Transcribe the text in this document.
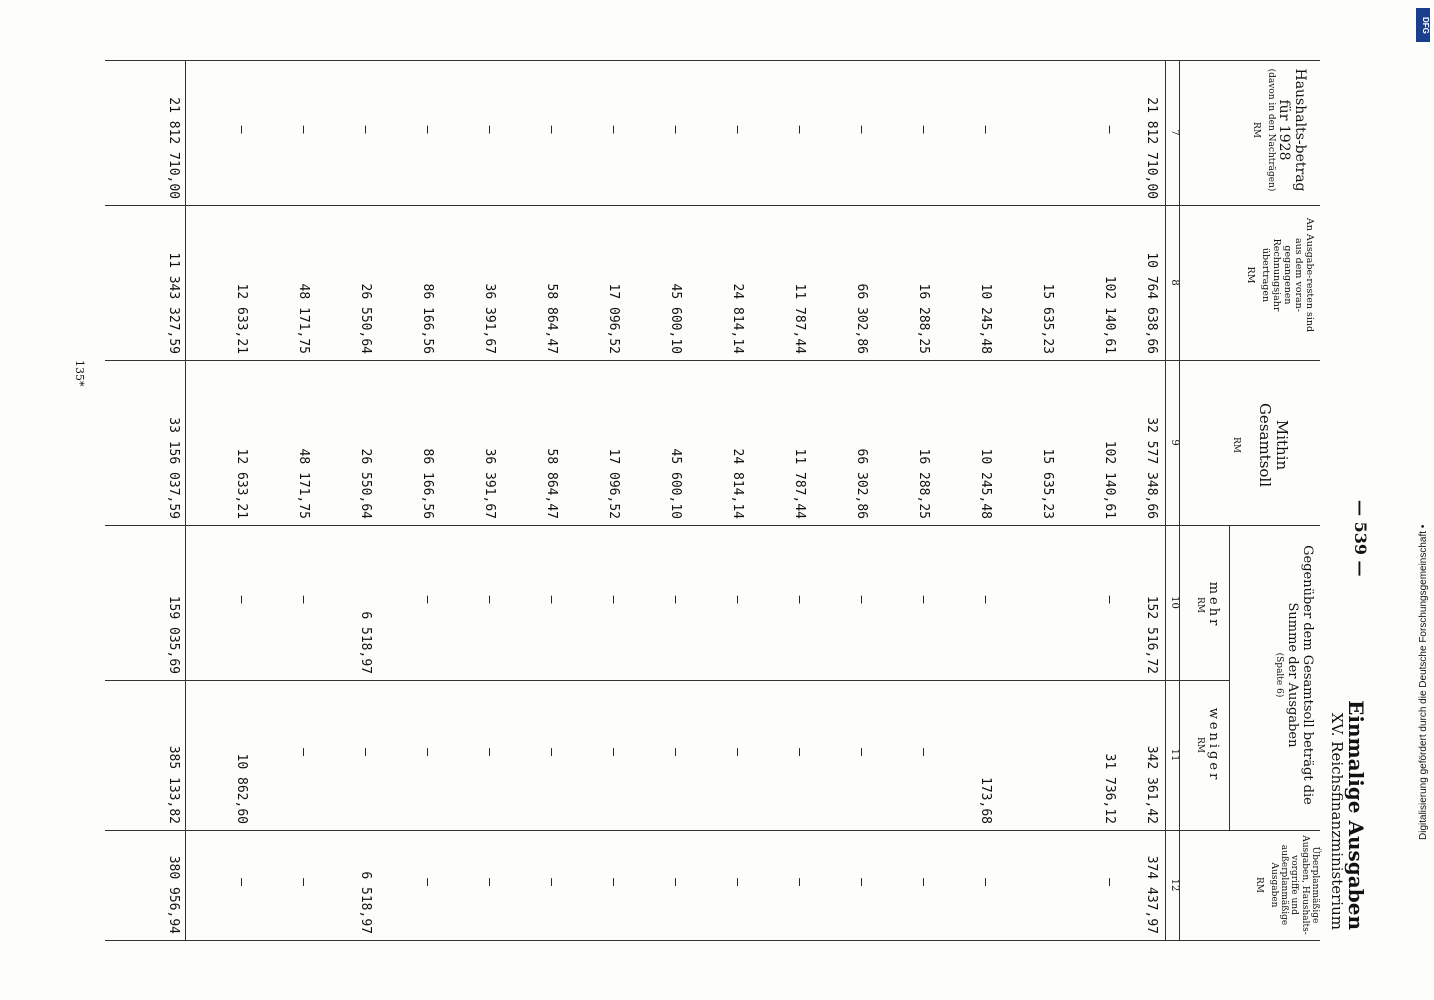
DFG
Digitalisierung gefördert durch die Deutsche Forschungsgemeinschaft •
— 539 —
Einmalige Ausgaben
XV. Reichsfinanzministerium
Haushalts-betrag für 1928
(davon in den Nachträgen)
RM
An Ausgabe-resten sind aus dem voran-gegangenen Rechnungsjahr übertragen
RM
Mithin Gesamtsoll
RM
Gegenüber dem Gesamtsoll beträgt die Summe der Ausgaben
(Spalte 6)
mehr
RM
weniger
RM
Überplanmäßige Ausgaben, Haushalts-vorgriffe und außerplanmäßige Ausgaben
RM
7
8
9
10
11
12
21 812 710,00
10 764 638,66
32 577 348,66
152 516,72
342 361,42
374 437,97
—
102 140,61
102 140,61
—
31 736,12
—
15 635,23
15 635,23
—
10 245,48
10 245,48
—
173,68
—
—
16 288,25
16 288,25
—
—
—
—
66 302,86
66 302,86
—
—
—
—
11 787,44
11 787,44
—
—
—
—
24 814,14
24 814,14
—
—
—
—
45 600,10
45 600,10
—
—
—
—
17 096,52
17 096,52
—
—
—
—
58 864,47
58 864,47
—
—
—
—
36 391,67
36 391,67
—
—
—
—
86 166,56
86 166,56
—
—
—
—
26 550,64
26 550,64
6 518,97
—
6 518,97
—
48 171,75
48 171,75
—
—
—
—
12 633,21
12 633,21
—
10 862,60
—
21 812 710,00
11 343 327,59
33 156 037,59
159 035,69
385 133,82
380 956,94
135*
